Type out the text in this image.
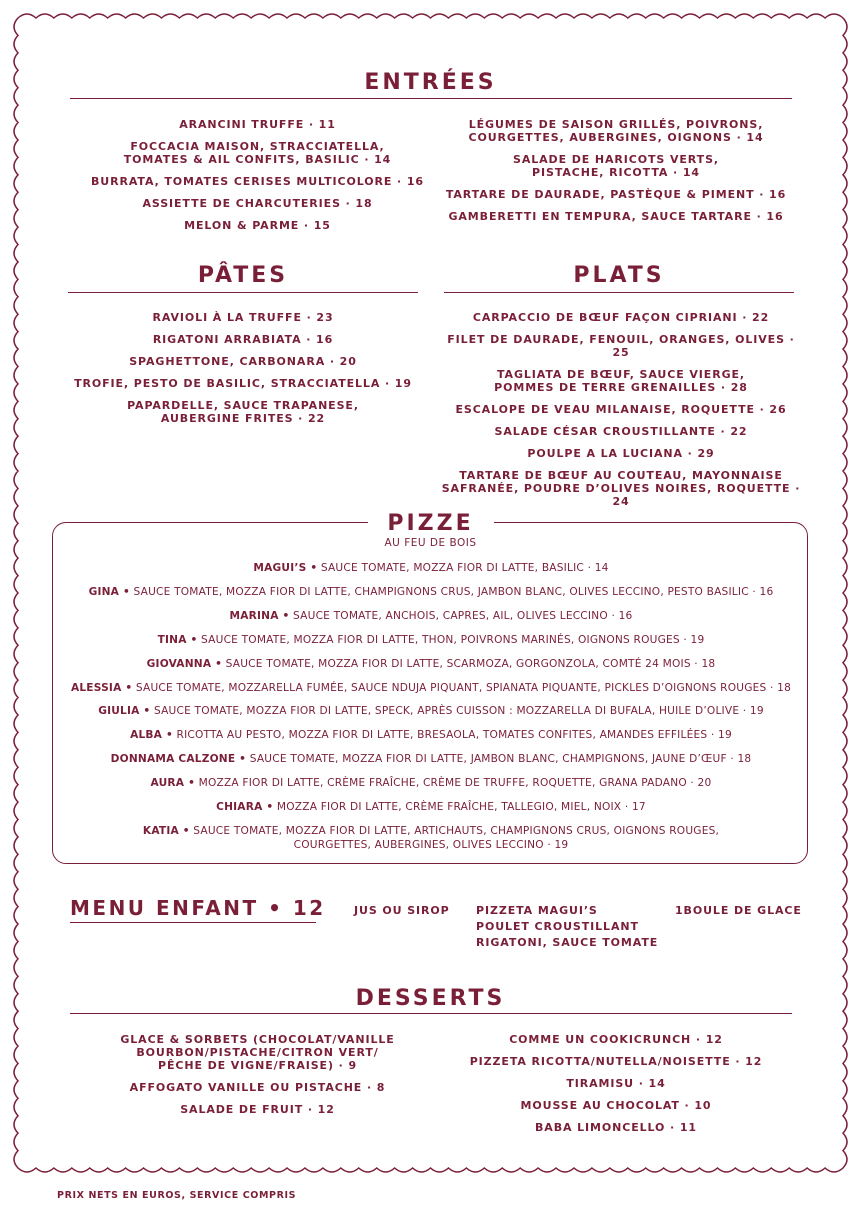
ENTRÉES
ARANCINI TRUFFE · 11
FOCCACIA MAISON, STRACCIATELLA,
TOMATES & AIL CONFITS, BASILIC · 14
BURRATA, TOMATES CERISES MULTICOLORE · 16
ASSIETTE DE CHARCUTERIES · 18
MELON & PARME · 15
LÉGUMES DE SAISON GRILLÉS, POIVRONS,
COURGETTES, AUBERGINES, OIGNONS · 14
SALADE DE HARICOTS VERTS,
PISTACHE, RICOTTA · 14
TARTARE DE DAURADE, PASTÈQUE & PIMENT · 16
GAMBERETTI EN TEMPURA, SAUCE TARTARE · 16
PÂTES	PLATS
RAVIOLI À LA TRUFFE · 23
RIGATONI ARRABIATA · 16
SPAGHETTONE, CARBONARA · 20
TROFIE, PESTO DE BASILIC, STRACCIATELLA · 19
PAPARDELLE, SAUCE TRAPANESE,
AUBERGINE FRITES · 22
CARPACCIO DE BŒUF FAÇON CIPRIANI · 22
FILET DE DAURADE, FENOUIL, ORANGES, OLIVES · 25
TAGLIATA DE BŒUF, SAUCE VIERGE,
POMMES DE TERRE GRENAILLES · 28
ESCALOPE DE VEAU MILANAISE, ROQUETTE · 26
SALADE CÉSAR CROUSTILLANTE · 22
POULPE A LA LUCIANA · 29
TARTARE DE BŒUF AU COUTEAU, MAYONNAISE
SAFRANÉE, POUDRE D’OLIVES NOIRES, ROQUETTE · 24
PIZZE
AU FEU DE BOIS
MAGUI’S • SAUCE TOMATE, MOZZA FIOR DI LATTE, BASILIC · 14
GINA • SAUCE TOMATE, MOZZA FIOR DI LATTE, CHAMPIGNONS CRUS, JAMBON BLANC, OLIVES LECCINO, PESTO BASILIC · 16
MARINA • SAUCE TOMATE, ANCHOIS, CAPRES, AIL, OLIVES LECCINO · 16
TINA • SAUCE TOMATE, MOZZA FIOR DI LATTE, THON, POIVRONS MARINÉS, OIGNONS ROUGES · 19
GIOVANNA • SAUCE TOMATE, MOZZA FIOR DI LATTE, SCARMOZA, GORGONZOLA, COMTÉ 24 MOIS · 18
ALESSIA • SAUCE TOMATE, MOZZARELLA FUMÉE, SAUCE NDUJA PIQUANT, SPIANATA PIQUANTE, PICKLES D’OIGNONS ROUGES · 18
GIULIA • SAUCE TOMATE, MOZZA FIOR DI LATTE, SPECK, APRÈS CUISSON : MOZZARELLA DI BUFALA, HUILE D’OLIVE · 19
ALBA • RICOTTA AU PESTO, MOZZA FIOR DI LATTE, BRESAOLA, TOMATES CONFITES, AMANDES EFFILÉES · 19
DONNAMA CALZONE • SAUCE TOMATE, MOZZA FIOR DI LATTE, JAMBON BLANC, CHAMPIGNONS, JAUNE D’ŒUF · 18
AURA • MOZZA FIOR DI LATTE, CRÈME FRAÎCHE, CRÈME DE TRUFFE, ROQUETTE, GRANA PADANO · 20
CHIARA • MOZZA FIOR DI LATTE, CRÈME FRAÎCHE, TALLEGIO, MIEL, NOIX · 17
KATIA • SAUCE TOMATE, MOZZA FIOR DI LATTE, ARTICHAUTS, CHAMPIGNONS CRUS, OIGNONS ROUGES,
COURGETTES, AUBERGINES, OLIVES LECCINO · 19
MENU ENFANT • 12	JUS OU SIROP PIZZETA MAGUI’S
POULET CROUSTILLANT
RIGATONI, SAUCE TOMATE
1BOULE DE GLACE
DESSERTS
GLACE & SORBETS (CHOCOLAT/VANILLE
BOURBON/PISTACHE/CITRON VERT/
PÊCHE DE VIGNE/FRAISE) · 9
AFFOGATO VANILLE OU PISTACHE · 8
SALADE DE FRUIT · 12
COMME UN COOKICRUNCH · 12
PIZZETA RICOTTA/NUTELLA/NOISETTE · 12
TIRAMISU · 14
MOUSSE AU CHOCOLAT · 10
BABA LIMONCELLO · 11
PRIX NETS EN EUROS, SERVICE COMPRIS
